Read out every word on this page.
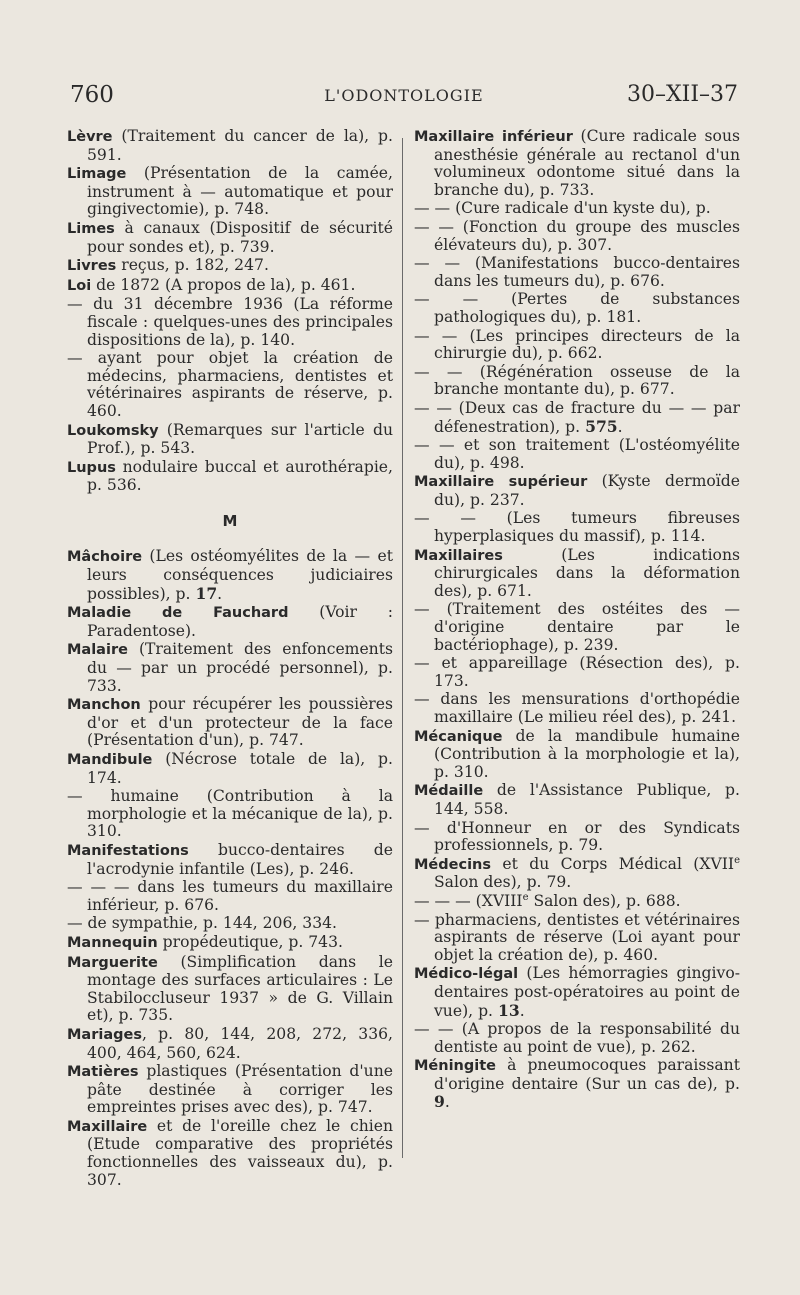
760	L'ODONTOLOGIE	30–XII–37

Lèvre (Traitement du cancer de la), p. 591.

Limage (Présentation de la camée, instrument à — automatique et pour gingivectomie), p. 748.

Limes à canaux (Dispositif de sécurité pour sondes et), p. 739.

Livres reçus, p. 182, 247.

Loi de 1872 (A propos de la), p. 461.

— du 31 décembre 1936 (La réforme fiscale : quelques-unes des principales dispositions de la), p. 140.

— ayant pour objet la création de médecins, pharmaciens, dentistes et vétérinaires aspirants de réserve, p. 460.

Loukomsky (Remarques sur l'article du Prof.), p. 543.

Lupus nodulaire buccal et aurothérapie, p. 536.

M

Mâchoire (Les ostéomyélites de la — et leurs conséquences judiciaires possibles), p. 17.

Maladie de Fauchard (Voir : Paradentose).

Malaire (Traitement des enfoncements du — par un procédé personnel), p. 733.

Manchon pour récupérer les poussières d'or et d'un protecteur de la face (Présentation d'un), p. 747.

Mandibule (Nécrose totale de la), p. 174.

— humaine (Contribution à la morphologie et la mécanique de la), p. 310.

Manifestations bucco-dentaires de l'acrodynie infantile (Les), p. 246.

— — — dans les tumeurs du maxillaire inférieur, p. 676.

— de sympathie, p. 144, 206, 334.

Mannequin propédeutique, p. 743.

Marguerite (Simplification dans le montage des surfaces articulaires : Le Stabiloccluseur 1937 » de G. Villain et), p. 735.

Mariages, p. 80, 144, 208, 272, 336, 400, 464, 560, 624.

Matières plastiques (Présentation d'une pâte destinée à corriger les empreintes prises avec des), p. 747.

Maxillaire et de l'oreille chez le chien (Etude comparative des propriétés fonctionnelles des vaisseaux du), p. 307.

Maxillaire inférieur (Cure radicale sous anesthésie générale au rectanol d'un volumineux odontome situé dans la branche du), p. 733.

— — (Cure radicale d'un kyste du), p.

— — (Fonction du groupe des muscles élévateurs du), p. 307.

— — (Manifestations bucco-dentaires dans les tumeurs du), p. 676.

— — (Pertes de substances pathologiques du), p. 181.

— — (Les principes directeurs de la chirurgie du), p. 662.

— — (Régénération osseuse de la branche montante du), p. 677.

— — (Deux cas de fracture du — — par défenestration), p. 575.

— — et son traitement (L'ostéomyélite du), p. 498.

Maxillaire supérieur (Kyste dermoïde du), p. 237.

— — (Les tumeurs fibreuses hyperplasiques du massif), p. 114.

Maxillaires (Les indications chirurgicales dans la déformation des), p. 671.

— (Traitement des ostéites des — d'origine dentaire par le bactériophage), p. 239.

— et appareillage (Résection des), p. 173.

— dans les mensurations d'orthopédie maxillaire (Le milieu réel des), p. 241.

Mécanique de la mandibule humaine (Contribution à la morphologie et la), p. 310.

Médaille de l'Assistance Publique, p. 144, 558.

— d'Honneur en or des Syndicats professionnels, p. 79.

Médecins et du Corps Médical (XVIIe Salon des), p. 79.

— — — (XVIIIe Salon des), p. 688.

— pharmaciens, dentistes et vétérinaires aspirants de réserve (Loi ayant pour objet la création de), p. 460.

Médico-légal (Les hémorragies gingivo-dentaires post-opératoires au point de vue), p. 13.

— — (A propos de la responsabilité du dentiste au point de vue), p. 262.

Méningite à pneumocoques paraissant d'origine dentaire (Sur un cas de), p. 9.
